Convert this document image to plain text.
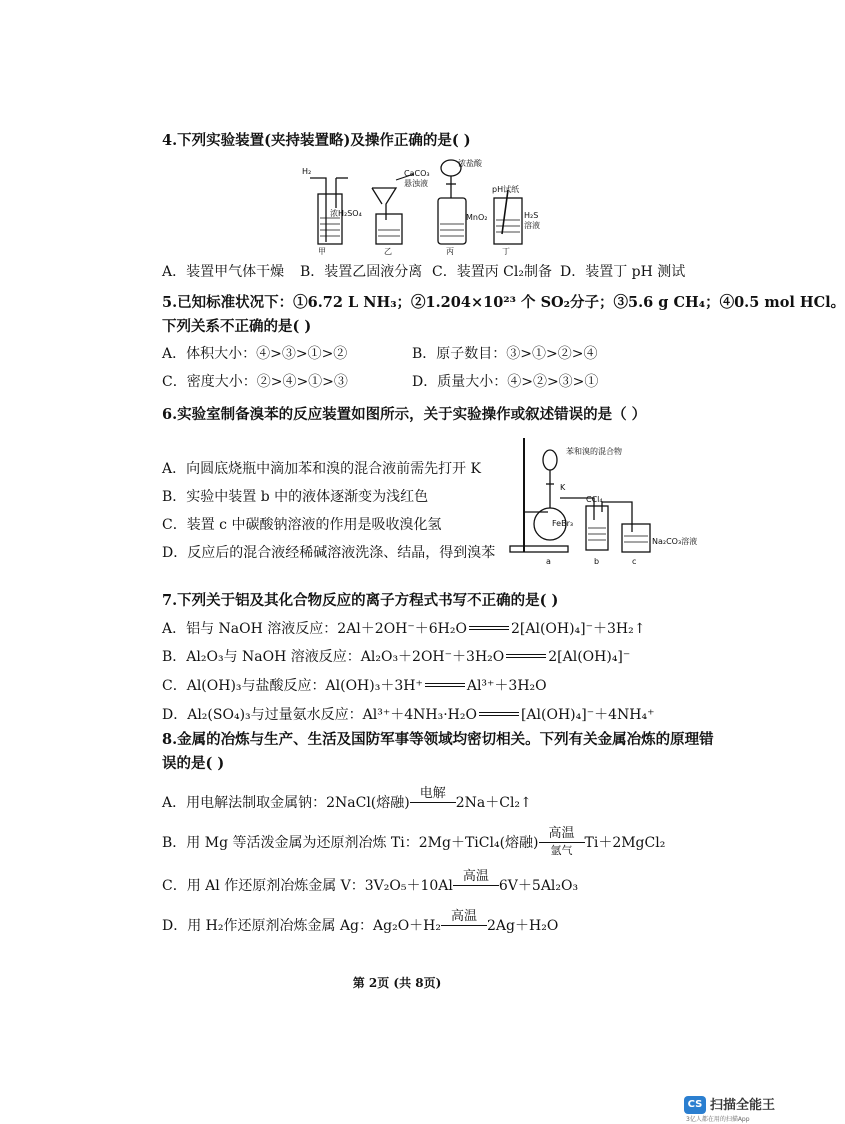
4.下列实验装置(夹持装置略)及操作正确的是( )
H₂
浓H₂SO₄
甲
CaCO₃
悬浊液
乙
浓盐酸
MnO₂
丙
pH试纸
H₂S
溶液
丁
A．装置甲气体干燥 B．装置乙固液分离 C．装置丙 Cl₂制备 D．装置丁 pH 测试
5.已知标准状况下：①6.72 L NH₃；②1.204×10²³ 个 SO₂分子；③5.6 g CH₄；④0.5 mol HCl。
下列关系不正确的是( )
A．体积大小：④>③>①>②	B．原子数目：③>①>②>④
C．密度大小：②>④>①>③	D．质量大小：④>②>③>①
6.实验室制备溴苯的反应装置如图所示，关于实验操作或叙述错误的是（ ）
A．向圆底烧瓶中滴加苯和溴的混合液前需先打开 K
B．实验中装置 b 中的液体逐渐变为浅红色
C．装置 c 中碳酸钠溶液的作用是吸收溴化氢
D．反应后的混合液经稀碱溶液洗涤、结晶，得到溴苯
苯和溴的混合物
K
FeBr₃
CCl₄
Na₂CO₃溶液
a	b	c
7.下列关于铝及其化合物反应的离子方程式书写不正确的是( )
A．铝与 NaOH 溶液反应：2Al＋2OH⁻＋6H₂O	2[Al(OH)₄]⁻＋3H₂↑
B．Al₂O₃与 NaOH 溶液反应：Al₂O₃＋2OH⁻＋3H₂O	2[Al(OH)₄]⁻
C．Al(OH)₃与盐酸反应：Al(OH)₃＋3H⁺	Al³⁺＋3H₂O
D．Al₂(SO₄)₃与过量氨水反应：Al³⁺＋4NH₃·H₂O	[Al(OH)₄]⁻＋4NH₄⁺
8.金属的冶炼与生产、生活及国防军事等领域均密切相关。下列有关金属冶炼的原理错
误的是( )
A．用电解法制取金属钠：2NaCl(熔融)
电解
2Na＋Cl₂↑
B．用 Mg 等活泼金属为还原剂冶炼 Ti：2Mg＋TiCl₄(熔融)
高温
氩气 Ti＋2MgCl₂
C．用 Al 作还原剂冶炼金属 V：3V₂O₅＋10Al
高温
6V＋5Al₂O₃
D．用 H₂作还原剂冶炼金属 Ag：Ag₂O＋H₂
高温
2Ag＋H₂O
第 2页 (共 8页)
CS 扫描全能王
3亿人都在用的扫描App
